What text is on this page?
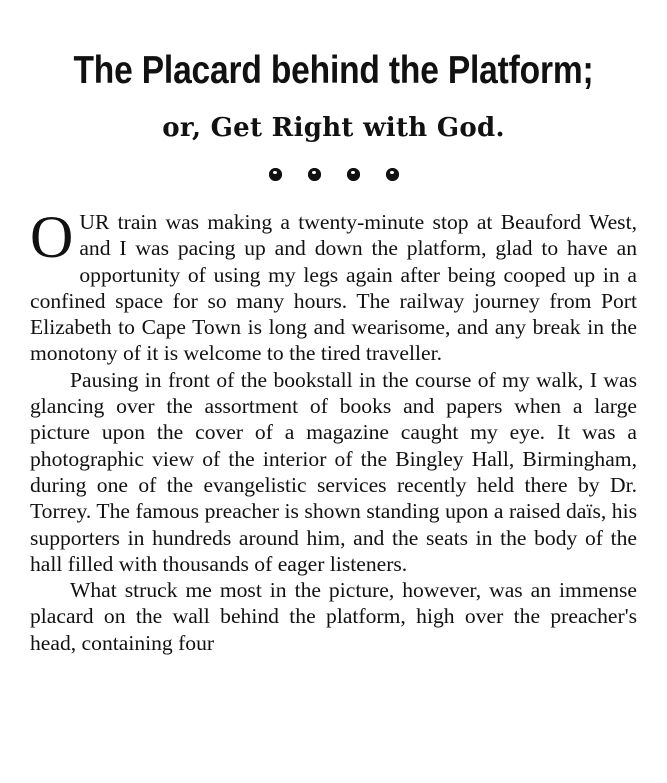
The Placard behind the Platform;
or, Get Right with God.

OUR train was making a twenty-minute stop at Beauford West, and I was pacing up and down the platform, glad to have an opportunity of using my legs again after being cooped up in a confined space for so many hours. The railway journey from Port Elizabeth to Cape Town is long and wearisome, and any break in the monotony of it is welcome to the tired traveller.

Pausing in front of the bookstall in the course of my walk, I was glancing over the assortment of books and papers when a large picture upon the cover of a magazine caught my eye. It was a photographic view of the interior of the Bingley Hall, Birmingham, during one of the evangelistic services recently held there by Dr. Torrey. The famous preacher is shown standing upon a raised daïs, his supporters in hundreds around him, and the seats in the body of the hall filled with thousands of eager listeners.

What struck me most in the picture, however, was an immense placard on the wall behind the platform, high over the preacher's head, containing four
